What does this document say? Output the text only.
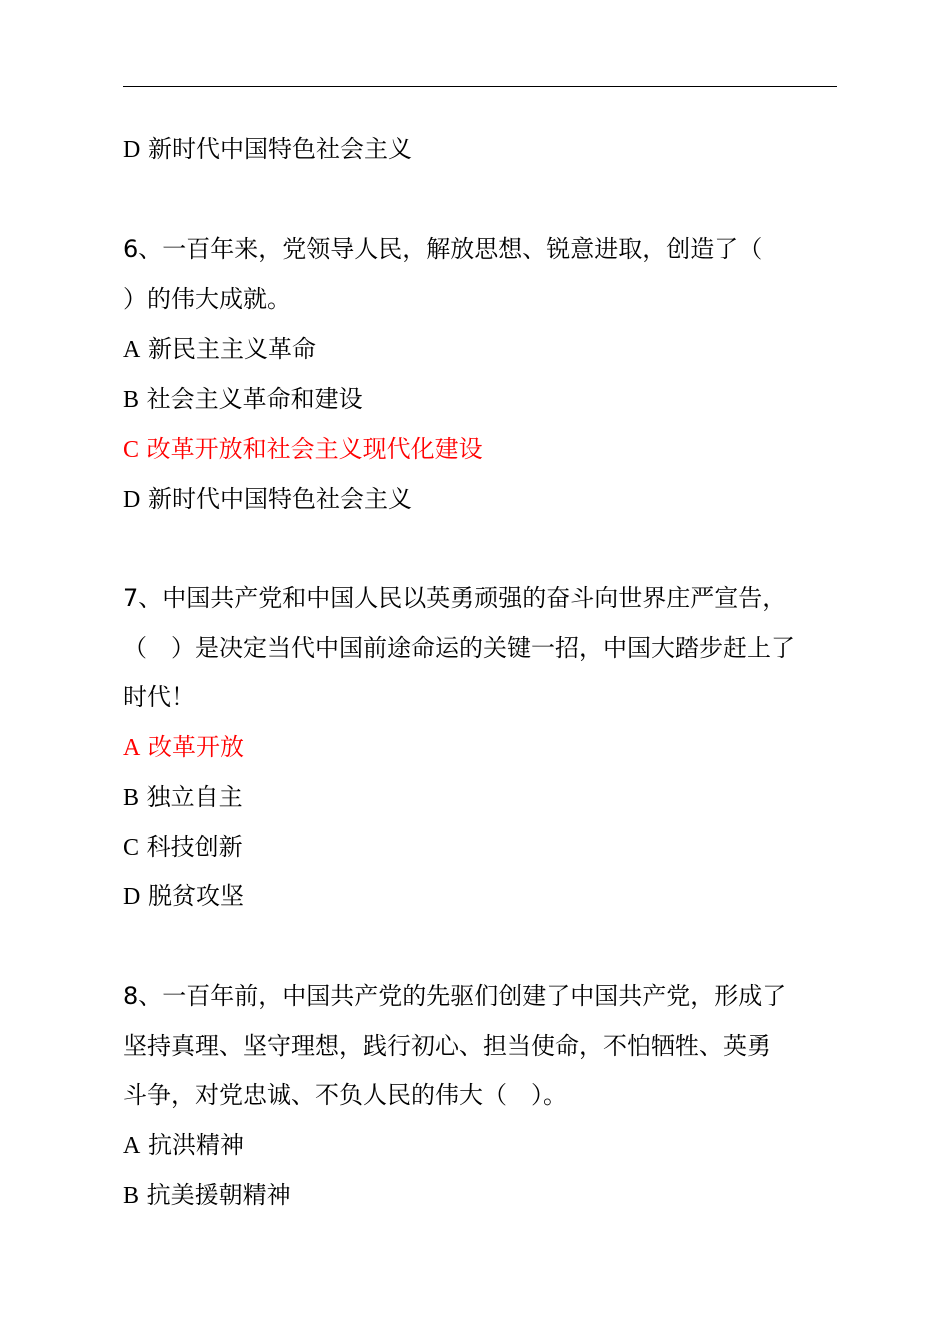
D 新时代中国特色社会主义
6、一百年来，党领导人民，解放思想、锐意进取，创造了（
）的伟大成就。
A 新民主主义革命
B 社会主义革命和建设
C 改革开放和社会主义现代化建设
D 新时代中国特色社会主义
7、中国共产党和中国人民以英勇顽强的奋斗向世界庄严宣告，
（　）是决定当代中国前途命运的关键一招，中国大踏步赶上了
时代！
A 改革开放
B 独立自主
C 科技创新
D 脱贫攻坚
8、一百年前，中国共产党的先驱们创建了中国共产党，形成了
坚持真理、坚守理想，践行初心、担当使命，不怕牺牲、英勇
斗争，对党忠诚、不负人民的伟大（　）。
A 抗洪精神
B 抗美援朝精神
